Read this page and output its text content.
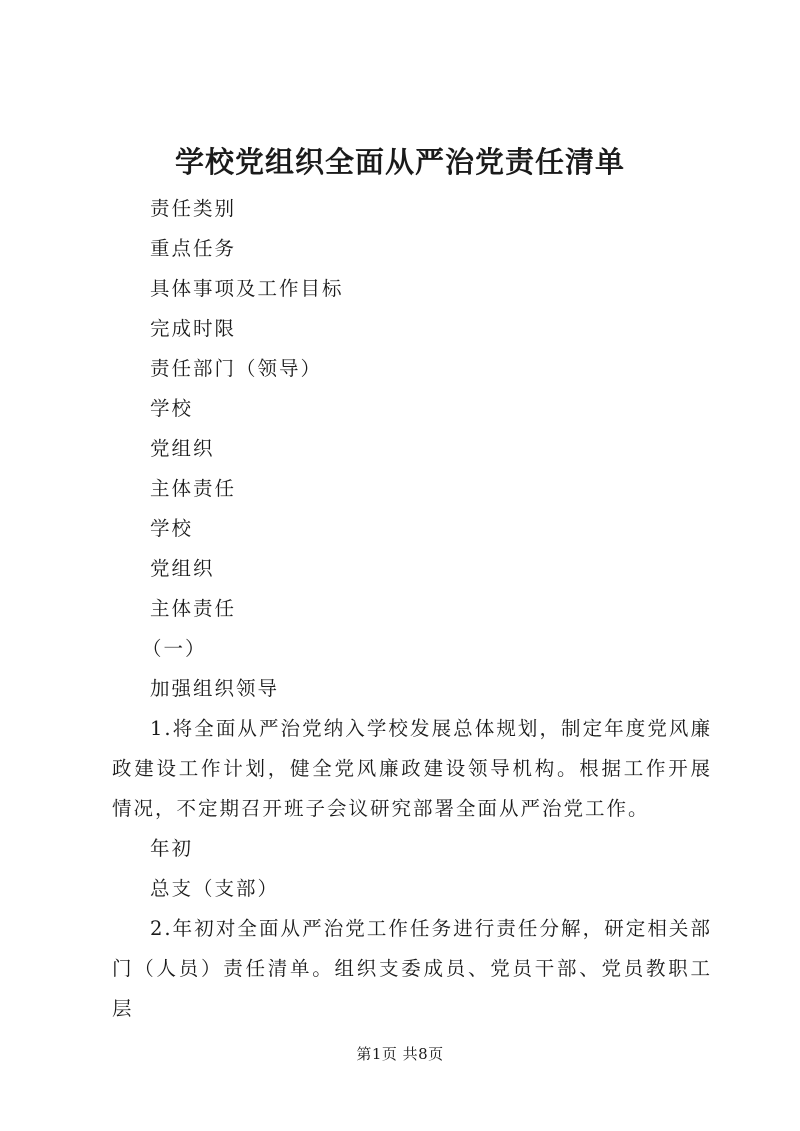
学校党组织全面从严治党责任清单
责任类别
重点任务
具体事项及工作目标
完成时限
责任部门（领导）
学校
党组织
主体责任
学校
党组织
主体责任
（一）
加强组织领导

1.将全面从严治党纳入学校发展总体规划，制定年度党风廉政建设工作计划，健全党风廉政建设领导机构。根据工作开展情况，不定期召开班子会议研究部署全面从严治党工作。

年初
总支（支部）

2.年初对全面从严治党工作任务进行责任分解，研定相关部门（人员）责任清单。组织支委成员、党员干部、党员教职工层

第1页 共8页
